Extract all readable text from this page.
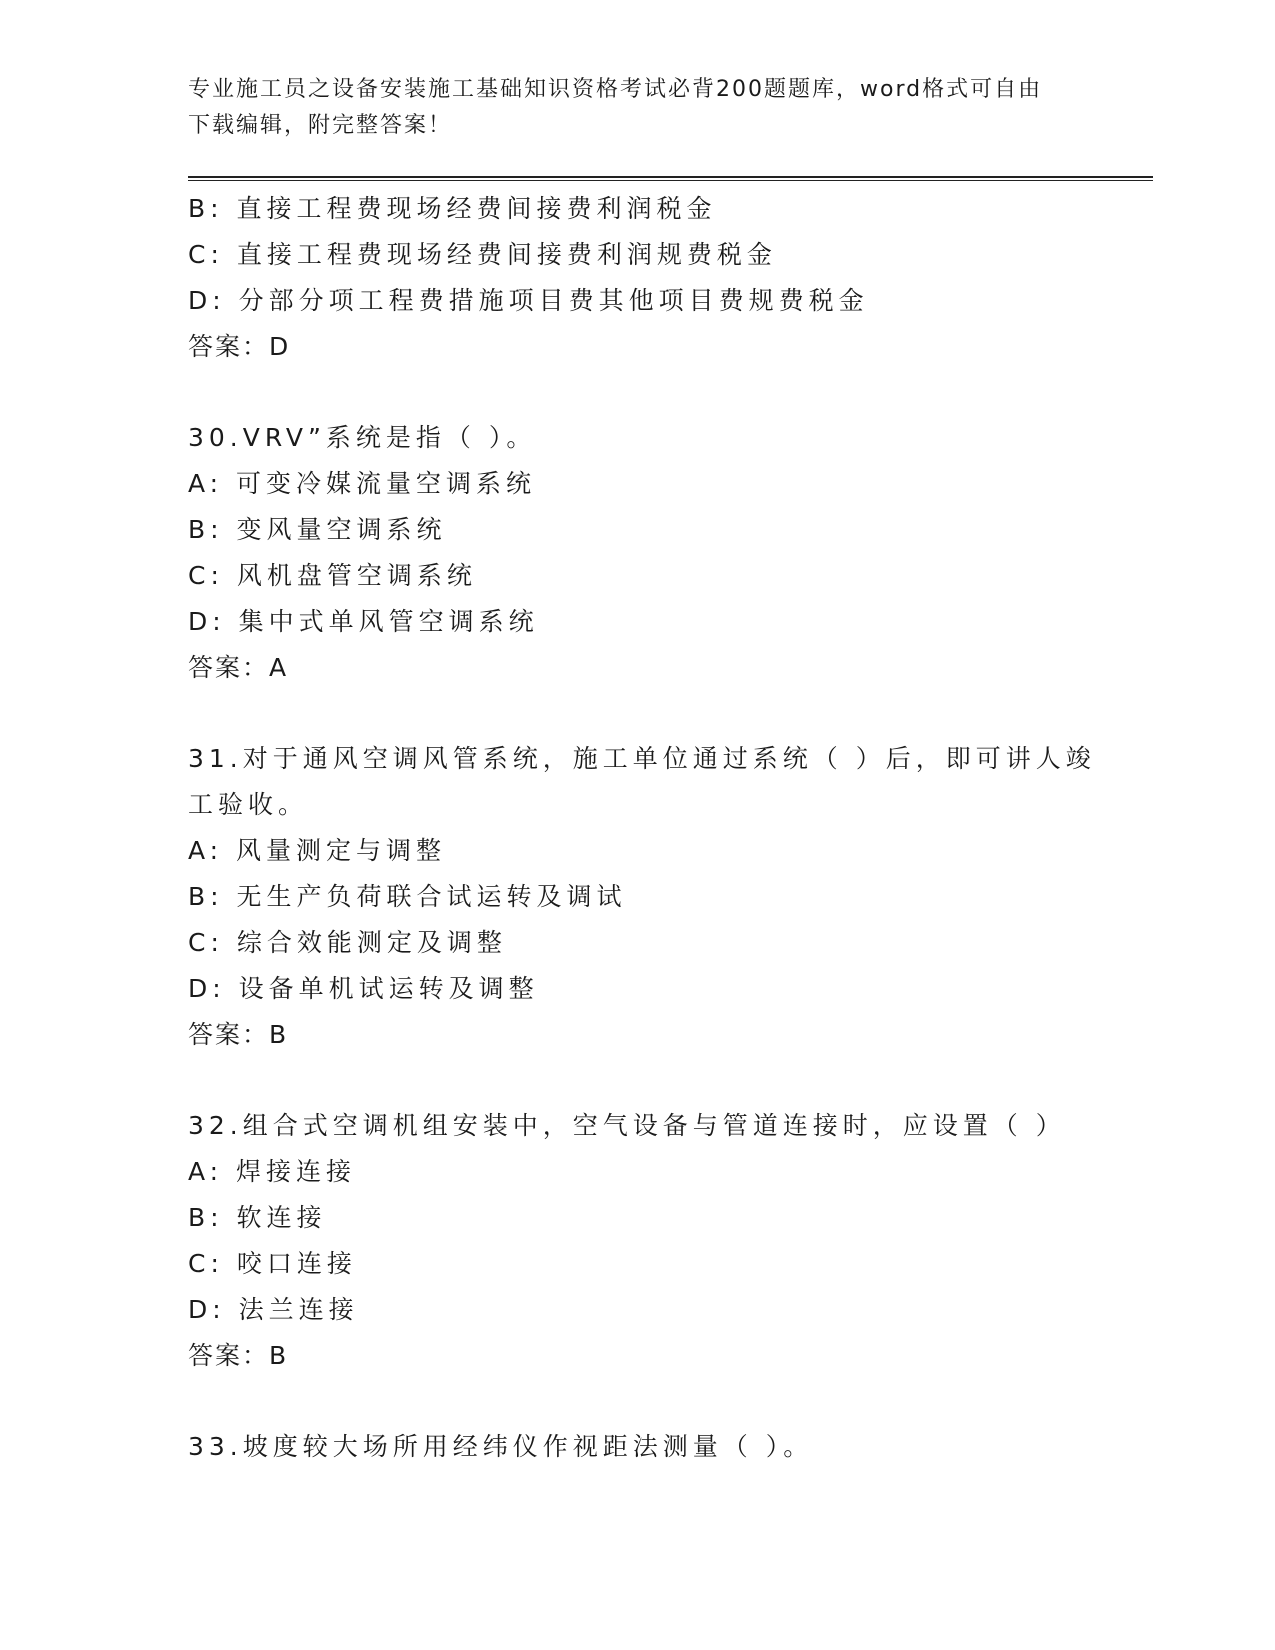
专业施工员之设备安装施工基础知识资格考试必背200题题库，word格式可自由
下载编辑，附完整答案！
B: 直接工程费现场经费间接费利润税金
C: 直接工程费现场经费间接费利润规费税金
D: 分部分项工程费措施项目费其他项目费规费税金
答案：D
30.VRV”系统是指（ ）。
A: 可变冷媒流量空调系统
B: 变风量空调系统
C: 风机盘管空调系统
D: 集中式单风管空调系统
答案：A
31.对于通风空调风管系统，施工单位通过系统（ ）后，即可讲人竣
工验收。
A: 风量测定与调整
B: 无生产负荷联合试运转及调试
C: 综合效能测定及调整
D: 设备单机试运转及调整
答案：B
32.组合式空调机组安装中，空气设备与管道连接时，应设置（ ）
A: 焊接连接
B: 软连接
C: 咬口连接
D: 法兰连接
答案：B
33.坡度较大场所用经纬仪作视距法测量（ ）。
